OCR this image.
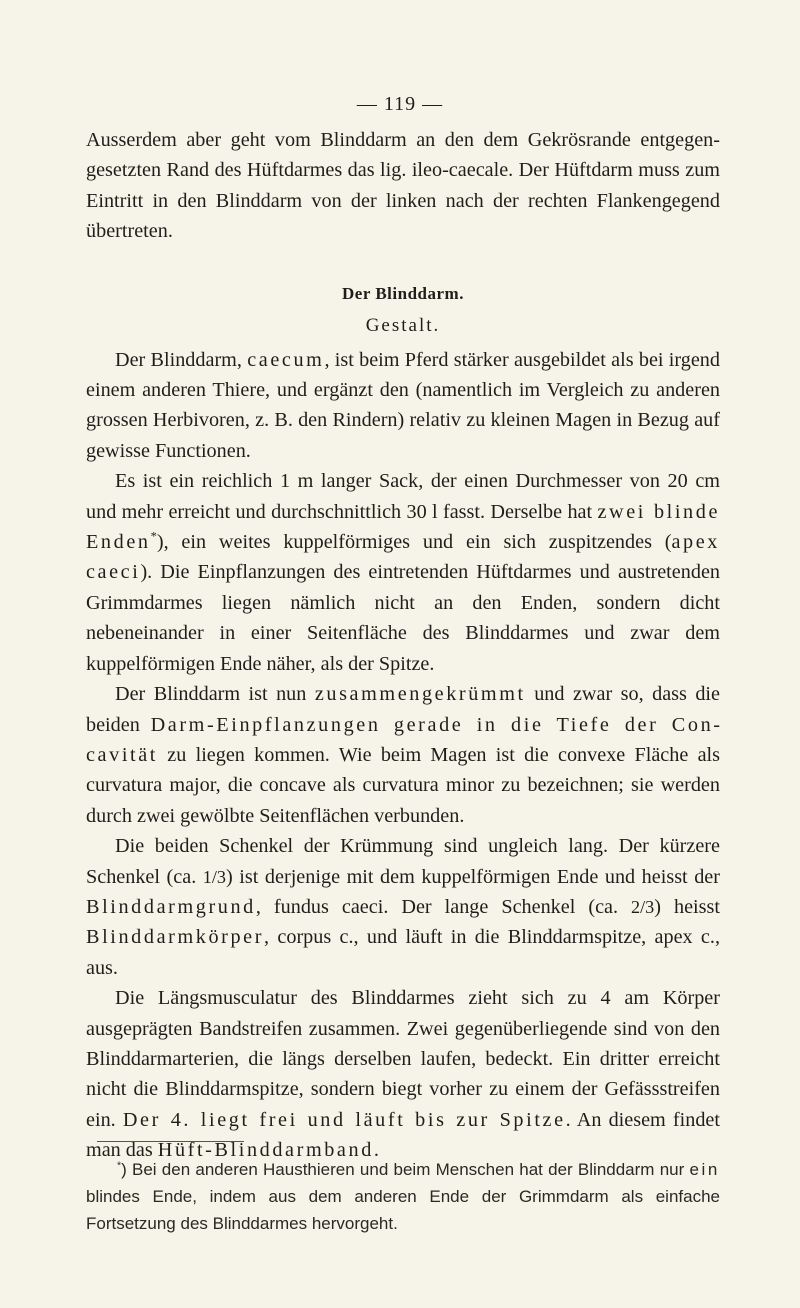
— 119 —

Ausserdem aber geht vom Blinddarm an den dem Gekrösrande entgegengesetzten Rand des Hüftdarmes das lig. ileo-caecale. Der Hüftdarm muss zum Eintritt in den Blinddarm von der linken nach der rechten Flankengegend übertreten.

Der Blinddarm.
Gestalt.

Der Blinddarm, caecum, ist beim Pferd stärker ausgebildet als bei irgend einem anderen Thiere, und ergänzt den (namentlich im Vergleich zu anderen grossen Herbivoren, z. B. den Rindern) relativ zu kleinen Magen in Bezug auf gewisse Functionen.

Es ist ein reichlich 1 m langer Sack, der einen Durchmesser von 20 cm und mehr erreicht und durchschnittlich 30 l fasst. Derselbe hat zwei blinde Enden*), ein weites kuppelförmiges und ein sich zuspitzendes (apex caeci). Die Einpflanzungen des eintretenden Hüftdarmes und austretenden Grimmdarmes liegen nämlich nicht an den Enden, sondern dicht nebeneinander in einer Seitenfläche des Blinddarmes und zwar dem kuppelförmigen Ende näher, als der Spitze.

Der Blinddarm ist nun zusammengekrümmt und zwar so, dass die beiden Darm-Einpflanzungen gerade in die Tiefe der Concavität zu liegen kommen. Wie beim Magen ist die convexe Fläche als curvatura major, die concave als curvatura minor zu bezeichnen; sie werden durch zwei gewölbte Seitenflächen verbunden.

Die beiden Schenkel der Krümmung sind ungleich lang. Der kürzere Schenkel (ca. 1/3) ist derjenige mit dem kuppelförmigen Ende und heisst der Blinddarmgrund, fundus caeci. Der lange Schenkel (ca. 2/3) heisst Blinddarmkörper, corpus c., und läuft in die Blinddarmspitze, apex c., aus.

Die Längsmusculatur des Blinddarmes zieht sich zu 4 am Körper ausgeprägten Bandstreifen zusammen. Zwei gegenüberliegende sind von den Blinddarmarterien, die längs derselben laufen, bedeckt. Ein dritter erreicht nicht die Blinddarmspitze, sondern biegt vorher zu einem der Gefässstreifen ein. Der 4. liegt frei und läuft bis zur Spitze. An diesem findet man das Hüft-Blinddarmband.

*) Bei den anderen Hausthieren und beim Menschen hat der Blinddarm nur ein blindes Ende, indem aus dem anderen Ende der Grimmdarm als einfache Fortsetzung des Blinddarmes hervorgeht.
